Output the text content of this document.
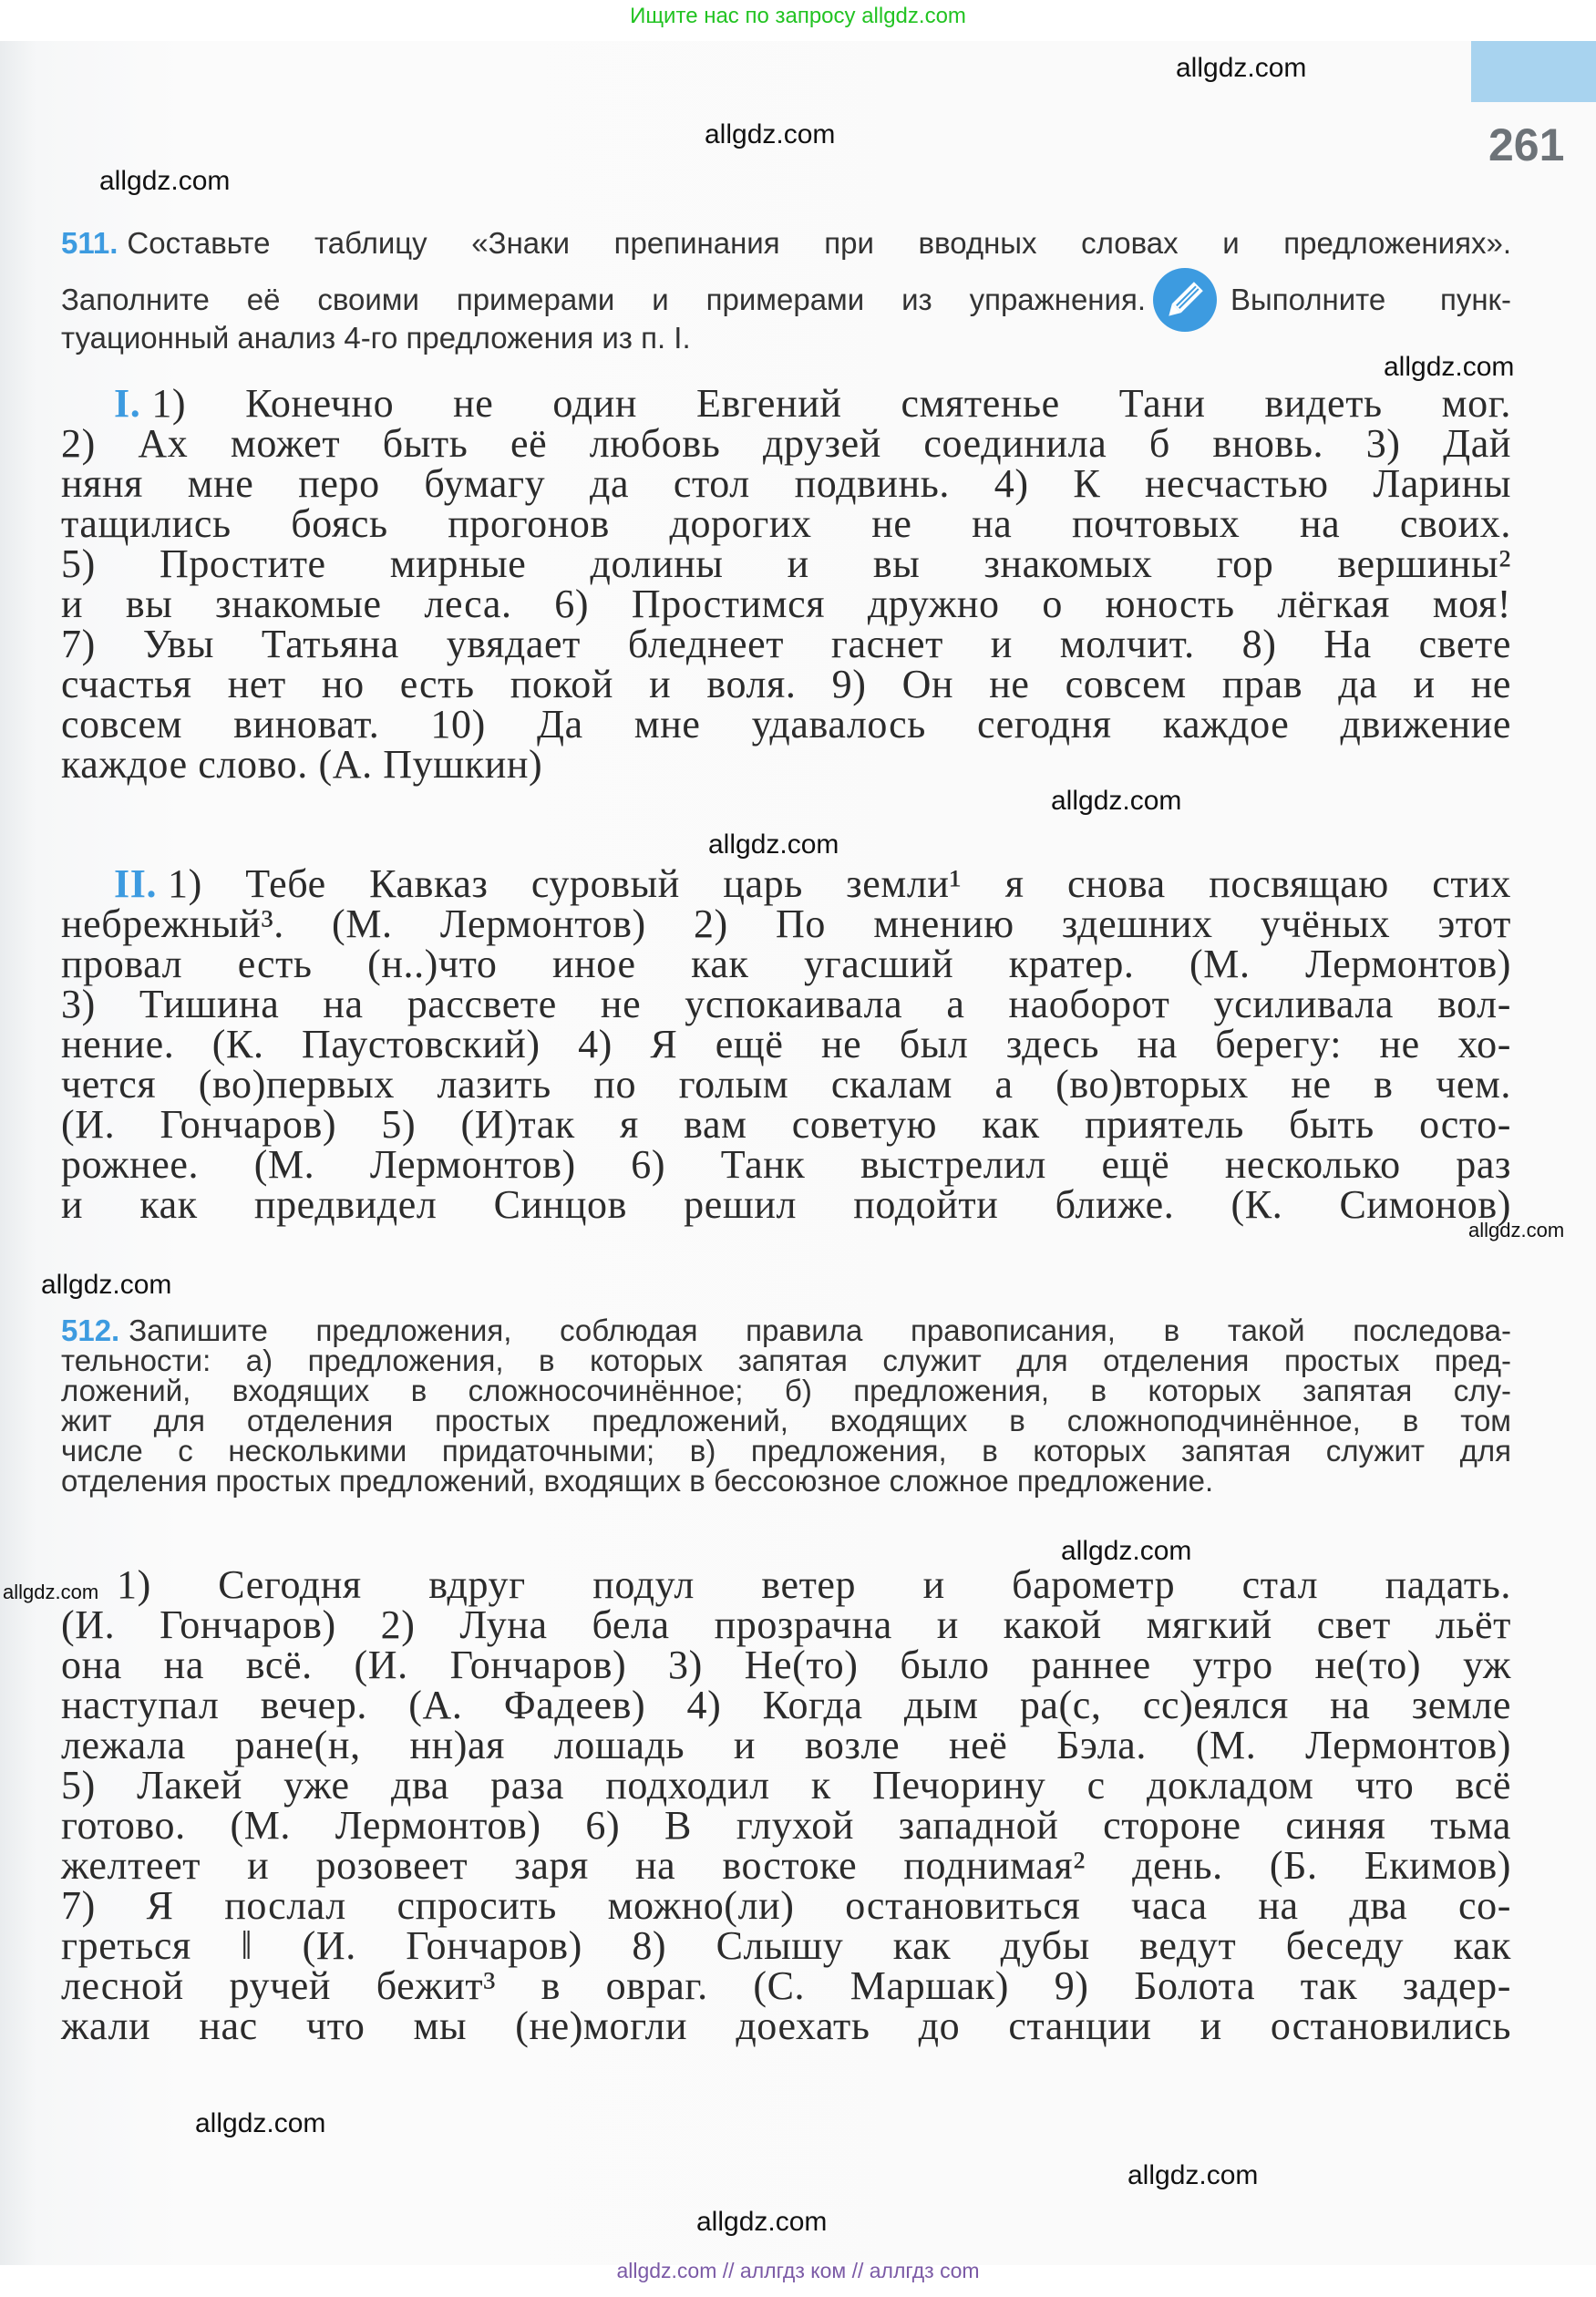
Ищите нас по запросу allgdz.com
261
511. Составьте таблицу «Знаки препинания при вводных словах и предложениях».
Заполните её своими примерами и примерами из упражнения.	Выполните пунк-
туационный анализ 4-го предложения из п. I.
I. 1) Конечно не один Евгений смятенье Тани видеть мог.
2) Ах может быть её любовь друзей соединила б вновь. 3) Дай
няня мне перо бумагу да стол подвинь. 4) К несчастью Ларины
тащились боясь прогонов дорогих не на почтовых на своих.
5) Простите мирные долины и вы знакомых гор вершины²
и вы знакомые леса. 6) Простимся дружно о юность лёгкая моя!
7) Увы Татьяна увядает бледнеет гаснет и молчит. 8) На свете
счастья нет но есть покой и воля. 9) Он не совсем прав да и не
совсем виноват. 10) Да мне удавалось сегодня каждое движение
каждое слово. (А. Пушкин)
II. 1) Тебе Кавказ суровый царь земли¹ я снова посвящаю стих
небрежный³. (М. Лермонтов) 2) По мнению здешних учёных этот
провал есть (н..)что иное как угасший кратер. (М. Лермонтов)
3) Тишина на рассвете не успокаивала а наоборот усиливала вол-
нение. (К. Паустовский) 4) Я ещё не был здесь на берегу: не хо-
чется (во)первых лазить по голым скалам а (во)вторых не в чем.
(И. Гончаров) 5) (И)так я вам советую как приятель быть осто-
рожнее. (М. Лермонтов) 6) Танк выстрелил ещё несколько раз
и как предвидел Синцов решил подойти ближе. (К. Симонов)
512. Запишите предложения, соблюдая правила правописания, в такой последова-
тельности: а) предложения, в которых запятая служит для отделения простых пред-
ложений, входящих в сложносочинённое; б) предложения, в которых запятая слу-
жит для отделения простых предложений, входящих в сложноподчинённое, в том
числе с несколькими придаточными; в) предложения, в которых запятая служит для
отделения простых предложений, входящих в бессоюзное сложное предложение.
1) Сегодня вдруг подул ветер и барометр стал падать.
(И. Гончаров) 2) Луна бела прозрачна и какой мягкий свет льёт
она на всё. (И. Гончаров) 3) Не(то) было раннее утро не(то) уж
наступал вечер. (А. Фадеев) 4) Когда дым ра(с, сс)еялся на земле
лежала ране(н, нн)ая лошадь и возле неё Бэла. (М. Лермонтов)
5) Лакей уже два раза подходил к Печорину с докладом что всё
готово. (М. Лермонтов) 6) В глухой западной стороне синяя тьма
желтеет и розовеет заря на востоке поднимая² день. (Б. Екимов)
7) Я послал спросить можно(ли) остановиться часа на два со-
греться ‖ (И. Гончаров) 8) Слышу как дубы ведут беседу как
лесной ручей бежит³ в овраг. (С. Маршак) 9) Болота так задер-
жали нас что мы (не)могли доехать до станции и остановились
allgdz.com
allgdz.com
allgdz.com
allgdz.com
allgdz.com
allgdz.com
allgdz.com
allgdz.com
allgdz.com
allgdz.com
allgdz.com
allgdz.com
allgdz.com
allgdz.com // аллгдз ком // аллгдз com
